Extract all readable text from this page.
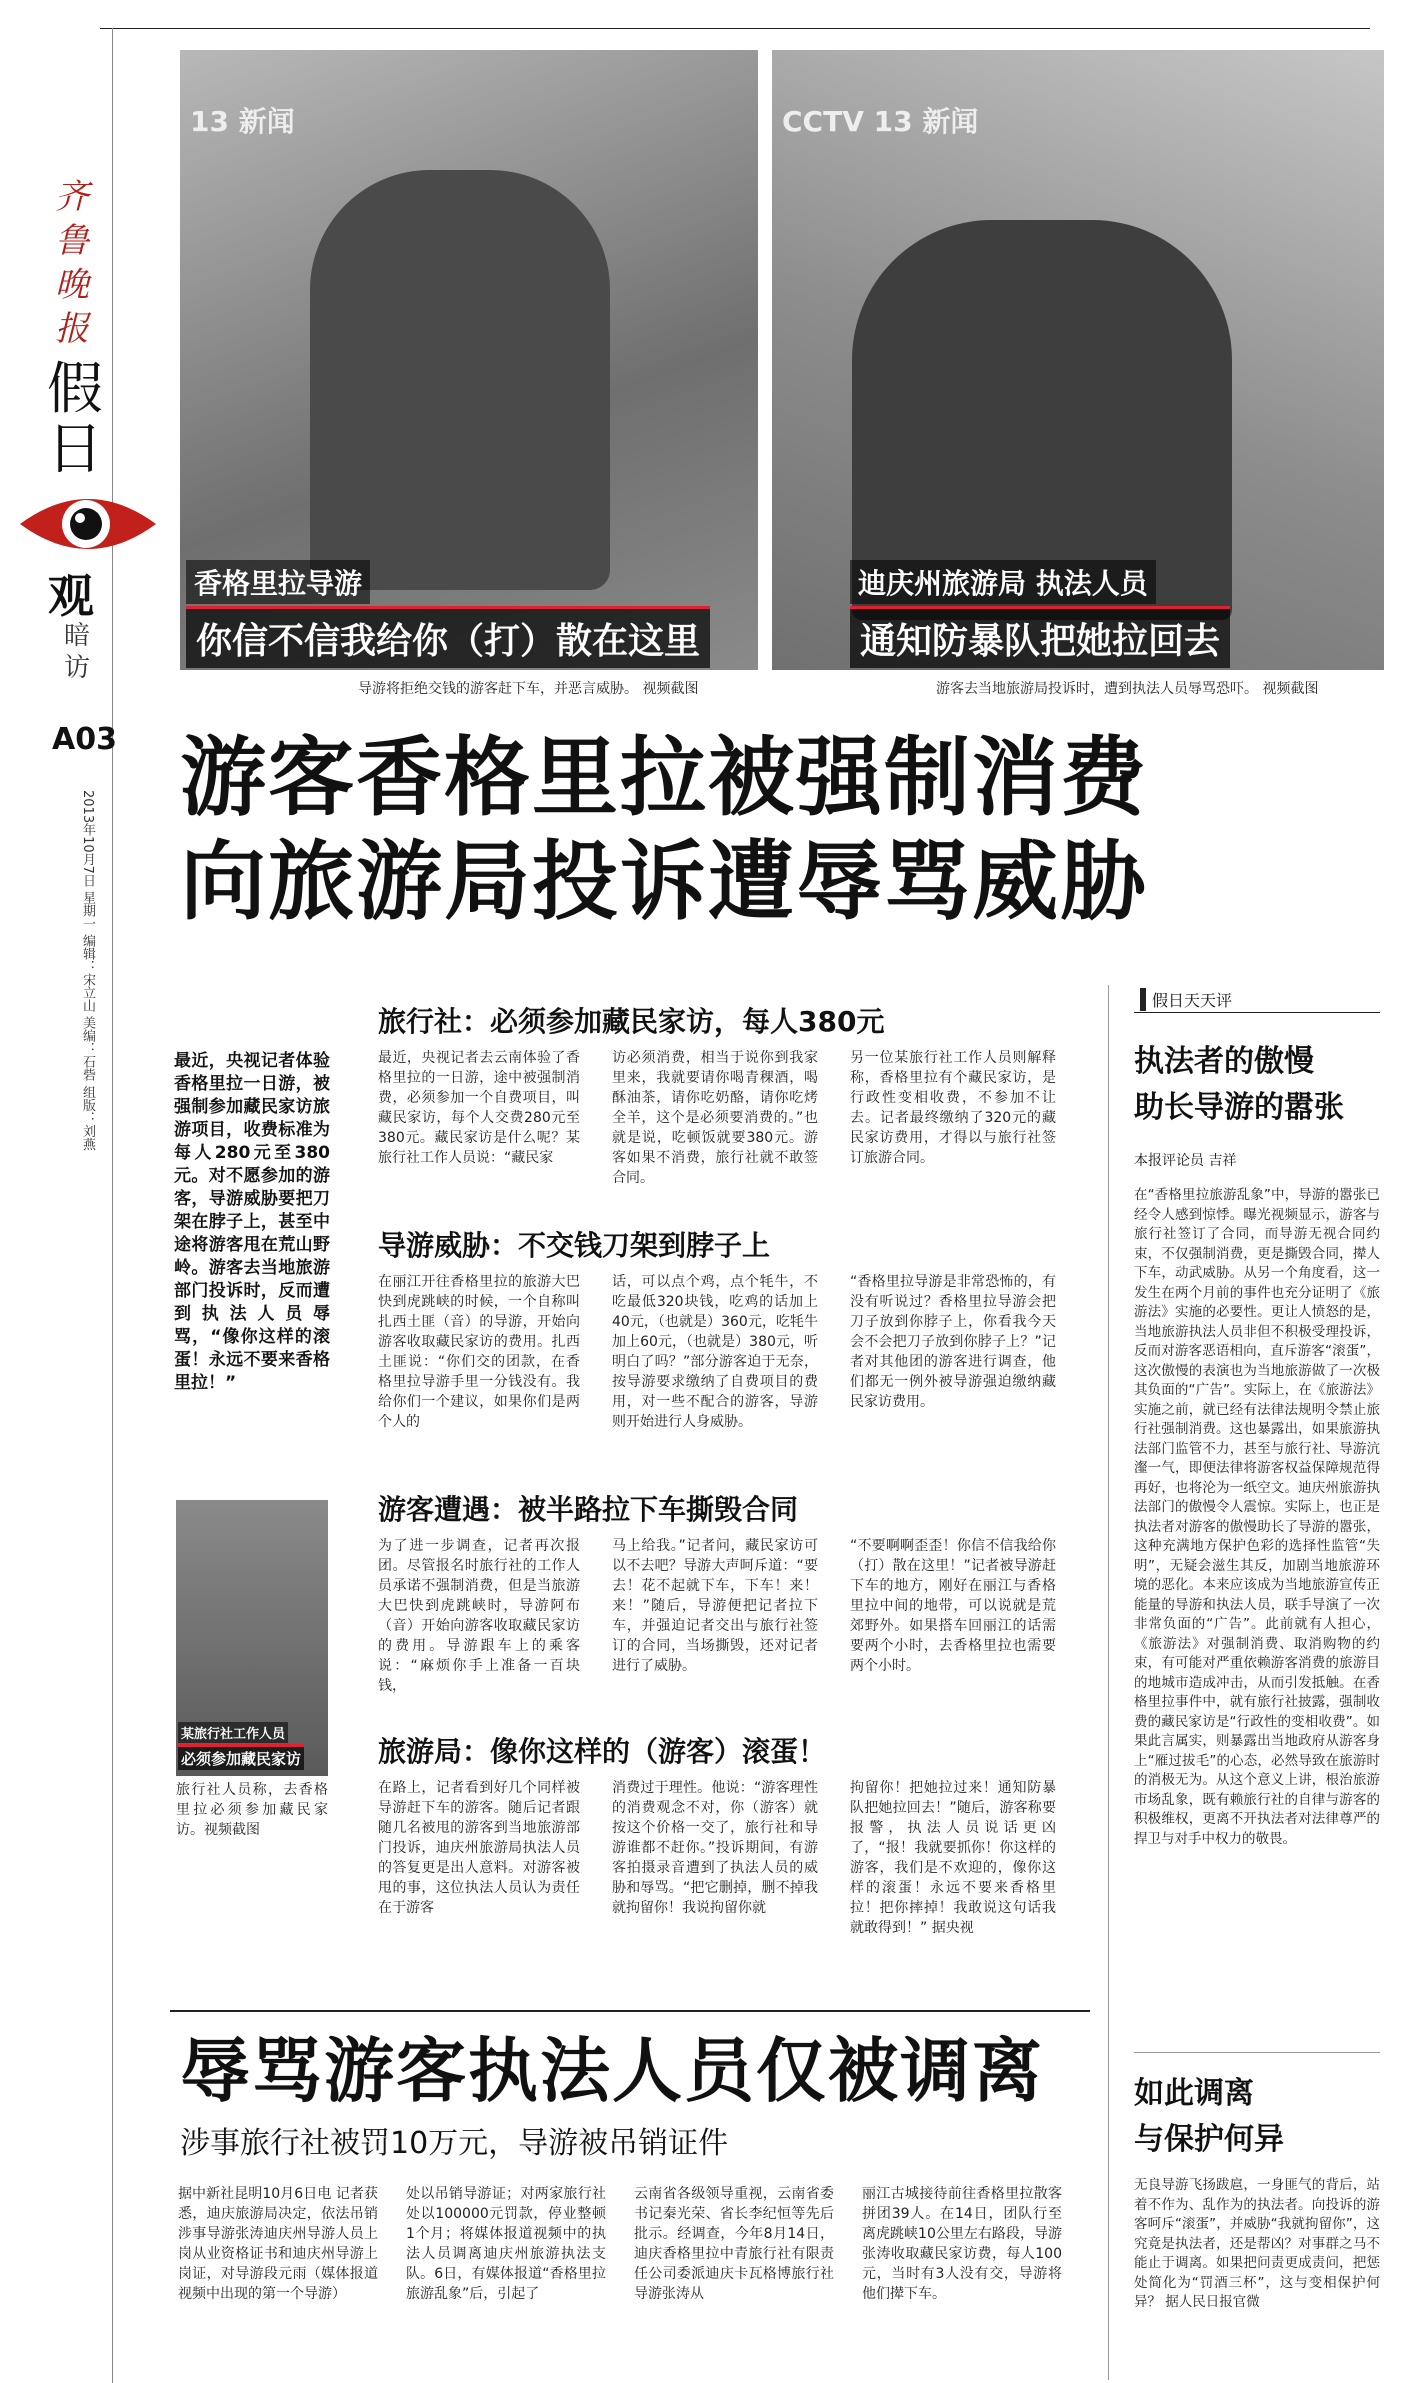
齐鲁晚报
假日
观
暗访
A03
2013年10月7日 星期一 编辑：宋立山 美编：石砦 组版：刘燕
13 新闻
香格里拉导游
你信不信我给你（打）散在这里
导游将拒绝交钱的游客赶下车，并恶言威胁。 视频截图
CCTV 13 新闻
迪庆州旅游局 执法人员
通知防暴队把她拉回去
游客去当地旅游局投诉时，遭到执法人员辱骂恐吓。 视频截图
游客香格里拉被强制消费
向旅游局投诉遭辱骂威胁
最近，央视记者体验香格里拉一日游，被强制参加藏民家访旅游项目，收费标准为每人280元至380元。对不愿参加的游客，导游威胁要把刀架在脖子上，甚至中途将游客甩在荒山野岭。游客去当地旅游部门投诉时，反而遭到执法人员辱骂，“像你这样的滚蛋！永远不要来香格里拉！”
某旅行社工作人员
必须参加藏民家访
旅行社人员称，去香格里拉必须参加藏民家访。视频截图
旅行社：必须参加藏民家访，每人380元
最近，央视记者去云南体验了香格里拉的一日游，途中被强制消费，必须参加一个自费项目，叫藏民家访，每个人交费280元至380元。藏民家访是什么呢？某旅行社工作人员说：“藏民家
访必须消费，相当于说你到我家里来，我就要请你喝青稞酒，喝酥油茶，请你吃奶酪，请你吃烤全羊，这个是必须要消费的。”也就是说，吃顿饭就要380元。游客如果不消费，旅行社就不敢签合同。
另一位某旅行社工作人员则解释称，香格里拉有个藏民家访，是行政性变相收费，不参加不让去。记者最终缴纳了320元的藏民家访费用，才得以与旅行社签订旅游合同。
导游威胁：不交钱刀架到脖子上
在丽江开往香格里拉的旅游大巴快到虎跳峡的时候，一个自称叫扎西土匪（音）的导游，开始向游客收取藏民家访的费用。扎西土匪说：“你们交的团款，在香格里拉导游手里一分钱没有。我给你们一个建议，如果你们是两个人的
话，可以点个鸡，点个牦牛，不吃最低320块钱，吃鸡的话加上40元，（也就是）360元，吃牦牛加上60元，（也就是）380元，听明白了吗？”部分游客迫于无奈，按导游要求缴纳了自费项目的费用，对一些不配合的游客，导游则开始进行人身威胁。
“香格里拉导游是非常恐怖的，有没有听说过？香格里拉导游会把刀子放到你脖子上，你看我今天会不会把刀子放到你脖子上？”记者对其他团的游客进行调查，他们都无一例外被导游强迫缴纳藏民家访费用。
游客遭遇：被半路拉下车撕毁合同
为了进一步调查，记者再次报团。尽管报名时旅行社的工作人员承诺不强制消费，但是当旅游大巴快到虎跳峡时，导游阿布（音）开始向游客收取藏民家访的费用。导游跟车上的乘客说：“麻烦你手上准备一百块钱，
马上给我。”记者问，藏民家访可以不去吧？导游大声呵斥道：“要去！花不起就下车，下车！来！来！”随后，导游便把记者拉下车，并强迫记者交出与旅行社签订的合同，当场撕毁，还对记者进行了威胁。
“不要啊啊歪歪！你信不信我给你（打）散在这里！”记者被导游赶下车的地方，刚好在丽江与香格里拉中间的地带，可以说就是荒郊野外。如果搭车回丽江的话需要两个小时，去香格里拉也需要两个小时。
旅游局：像你这样的（游客）滚蛋！
在路上，记者看到好几个同样被导游赶下车的游客。随后记者跟随几名被甩的游客到当地旅游部门投诉，迪庆州旅游局执法人员的答复更是出人意料。对游客被甩的事，这位执法人员认为责任在于游客
消费过于理性。他说：“游客理性的消费观念不对，你（游客）就按这个价格一交了，旅行社和导游谁都不赶你。”投诉期间，有游客拍摄录音遭到了执法人员的威胁和辱骂。“把它删掉，删不掉我就拘留你！我说拘留你就
拘留你！把她拉过来！通知防暴队把她拉回去！”随后，游客称要报警，执法人员说话更凶了，“报！我就要抓你！你这样的游客，我们是不欢迎的，像你这样的滚蛋！永远不要来香格里拉！把你摔掉！我敢说这句话我就敢得到！” 据央视
辱骂游客执法人员仅被调离
涉事旅行社被罚10万元，导游被吊销证件
据中新社昆明10月6日电 记者获悉，迪庆旅游局决定，依法吊销涉事导游张涛迪庆州导游人员上岗从业资格证书和迪庆州导游上岗证，对导游段元雨（媒体报道视频中出现的第一个导游）
处以吊销导游证；对两家旅行社处以100000元罚款，停业整顿1个月；将媒体报道视频中的执法人员调离迪庆州旅游执法支队。6日，有媒体报道“香格里拉旅游乱象”后，引起了
云南省各级领导重视，云南省委书记秦光荣、省长李纪恒等先后批示。经调查，今年8月14日，迪庆香格里拉中青旅行社有限责任公司委派迪庆卡瓦格博旅行社导游张涛从
丽江古城接待前往香格里拉散客拼团39人。在14日，团队行至离虎跳峡10公里左右路段，导游张涛收取藏民家访费，每人100元，当时有3人没有交，导游将他们撵下车。
假日天天评
执法者的傲慢
助长导游的嚣张
本报评论员 吉祥
在“香格里拉旅游乱象”中，导游的嚣张已经令人感到惊悸。曝光视频显示，游客与旅行社签订了合同，而导游无视合同约束，不仅强制消费，更是撕毁合同，撵人下车，动武威胁。从另一个角度看，这一发生在两个月前的事件也充分证明了《旅游法》实施的必要性。更让人愤怒的是，当地旅游执法人员非但不积极受理投诉，反而对游客恶语相向，直斥游客“滚蛋”，这次傲慢的表演也为当地旅游做了一次极其负面的“广告”。实际上，在《旅游法》实施之前，就已经有法律法规明令禁止旅行社强制消费。这也暴露出，如果旅游执法部门监管不力，甚至与旅行社、导游沆瀣一气，即便法律将游客权益保障规范得再好，也将沦为一纸空文。迪庆州旅游执法部门的傲慢令人震惊。实际上，也正是执法者对游客的傲慢助长了导游的嚣张，这种充满地方保护色彩的选择性监管“失明”，无疑会滋生其反，加剧当地旅游环境的恶化。本来应该成为当地旅游宣传正能量的导游和执法人员，联手导演了一次非常负面的“广告”。此前就有人担心，《旅游法》对强制消费、取消购物的约束，有可能对严重依赖游客消费的旅游目的地城市造成冲击，从而引发抵触。在香格里拉事件中，就有旅行社披露，强制收费的藏民家访是“行政性的变相收费”。如果此言属实，则暴露出当地政府从游客身上“雁过拔毛”的心态，必然导致在旅游时的消极无为。从这个意义上讲，根治旅游市场乱象，既有赖旅行社的自律与游客的积极维权，更离不开执法者对法律尊严的捍卫与对手中权力的敬畏。
如此调离
与保护何异
无良导游飞扬跋扈，一身匪气的背后，站着不作为、乱作为的执法者。向投诉的游客呵斥“滚蛋”，并威胁“我就拘留你”，这究竟是执法者，还是帮凶？对事群之马不能止于调离。如果把问责更成责问，把惩处简化为“罚酒三杯”，这与变相保护何异？ 据人民日报官微
